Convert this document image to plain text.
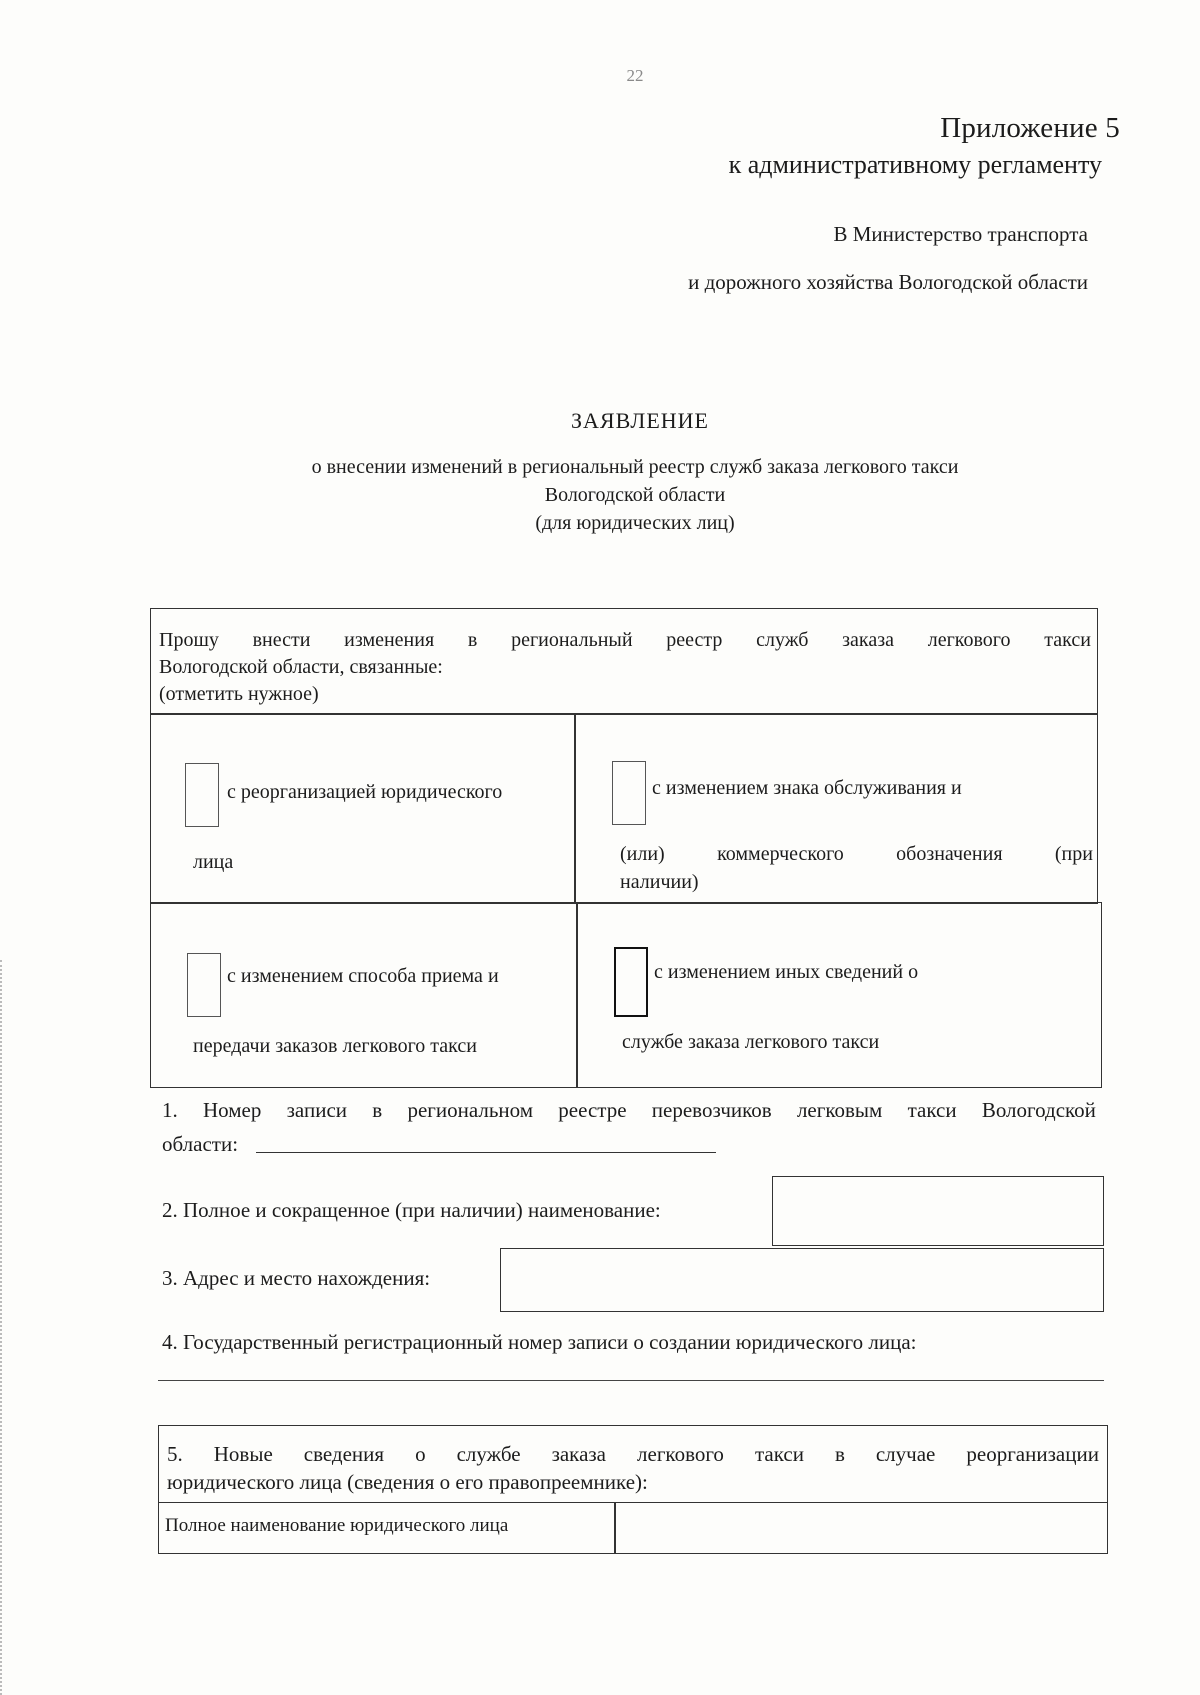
22
Приложение 5
к административному регламенту
В Министерство транспорта
и дорожного хозяйства Вологодской области
ЗАЯВЛЕНИЕ
о внесении изменений в региональный реестр служб заказа легкового такси
Вологодской области
(для юридических лиц)
Прошу внести изменения в региональный реестр служб заказа легкового такси
Вологодской области, связанные:
(отметить нужное)
с реорганизацией юридического
лица
с изменением знака обслуживания и
(или)	коммерческого	обозначения	(при
наличии)
с изменением способа приема и
передачи заказов легкового такси
с изменением иных сведений о
службе заказа легкового такси
1. Номер записи в региональном реестре перевозчиков легковым такси Вологодской
области:
2. Полное и сокращенное (при наличии) наименование:
3. Адрес и место нахождения:
4. Государственный регистрационный номер записи о создании юридического лица:
5. Новые сведения о службе заказа легкового такси в случае реорганизации
юридического лица (сведения о его правопреемнике):
Полное наименование юридического лица
